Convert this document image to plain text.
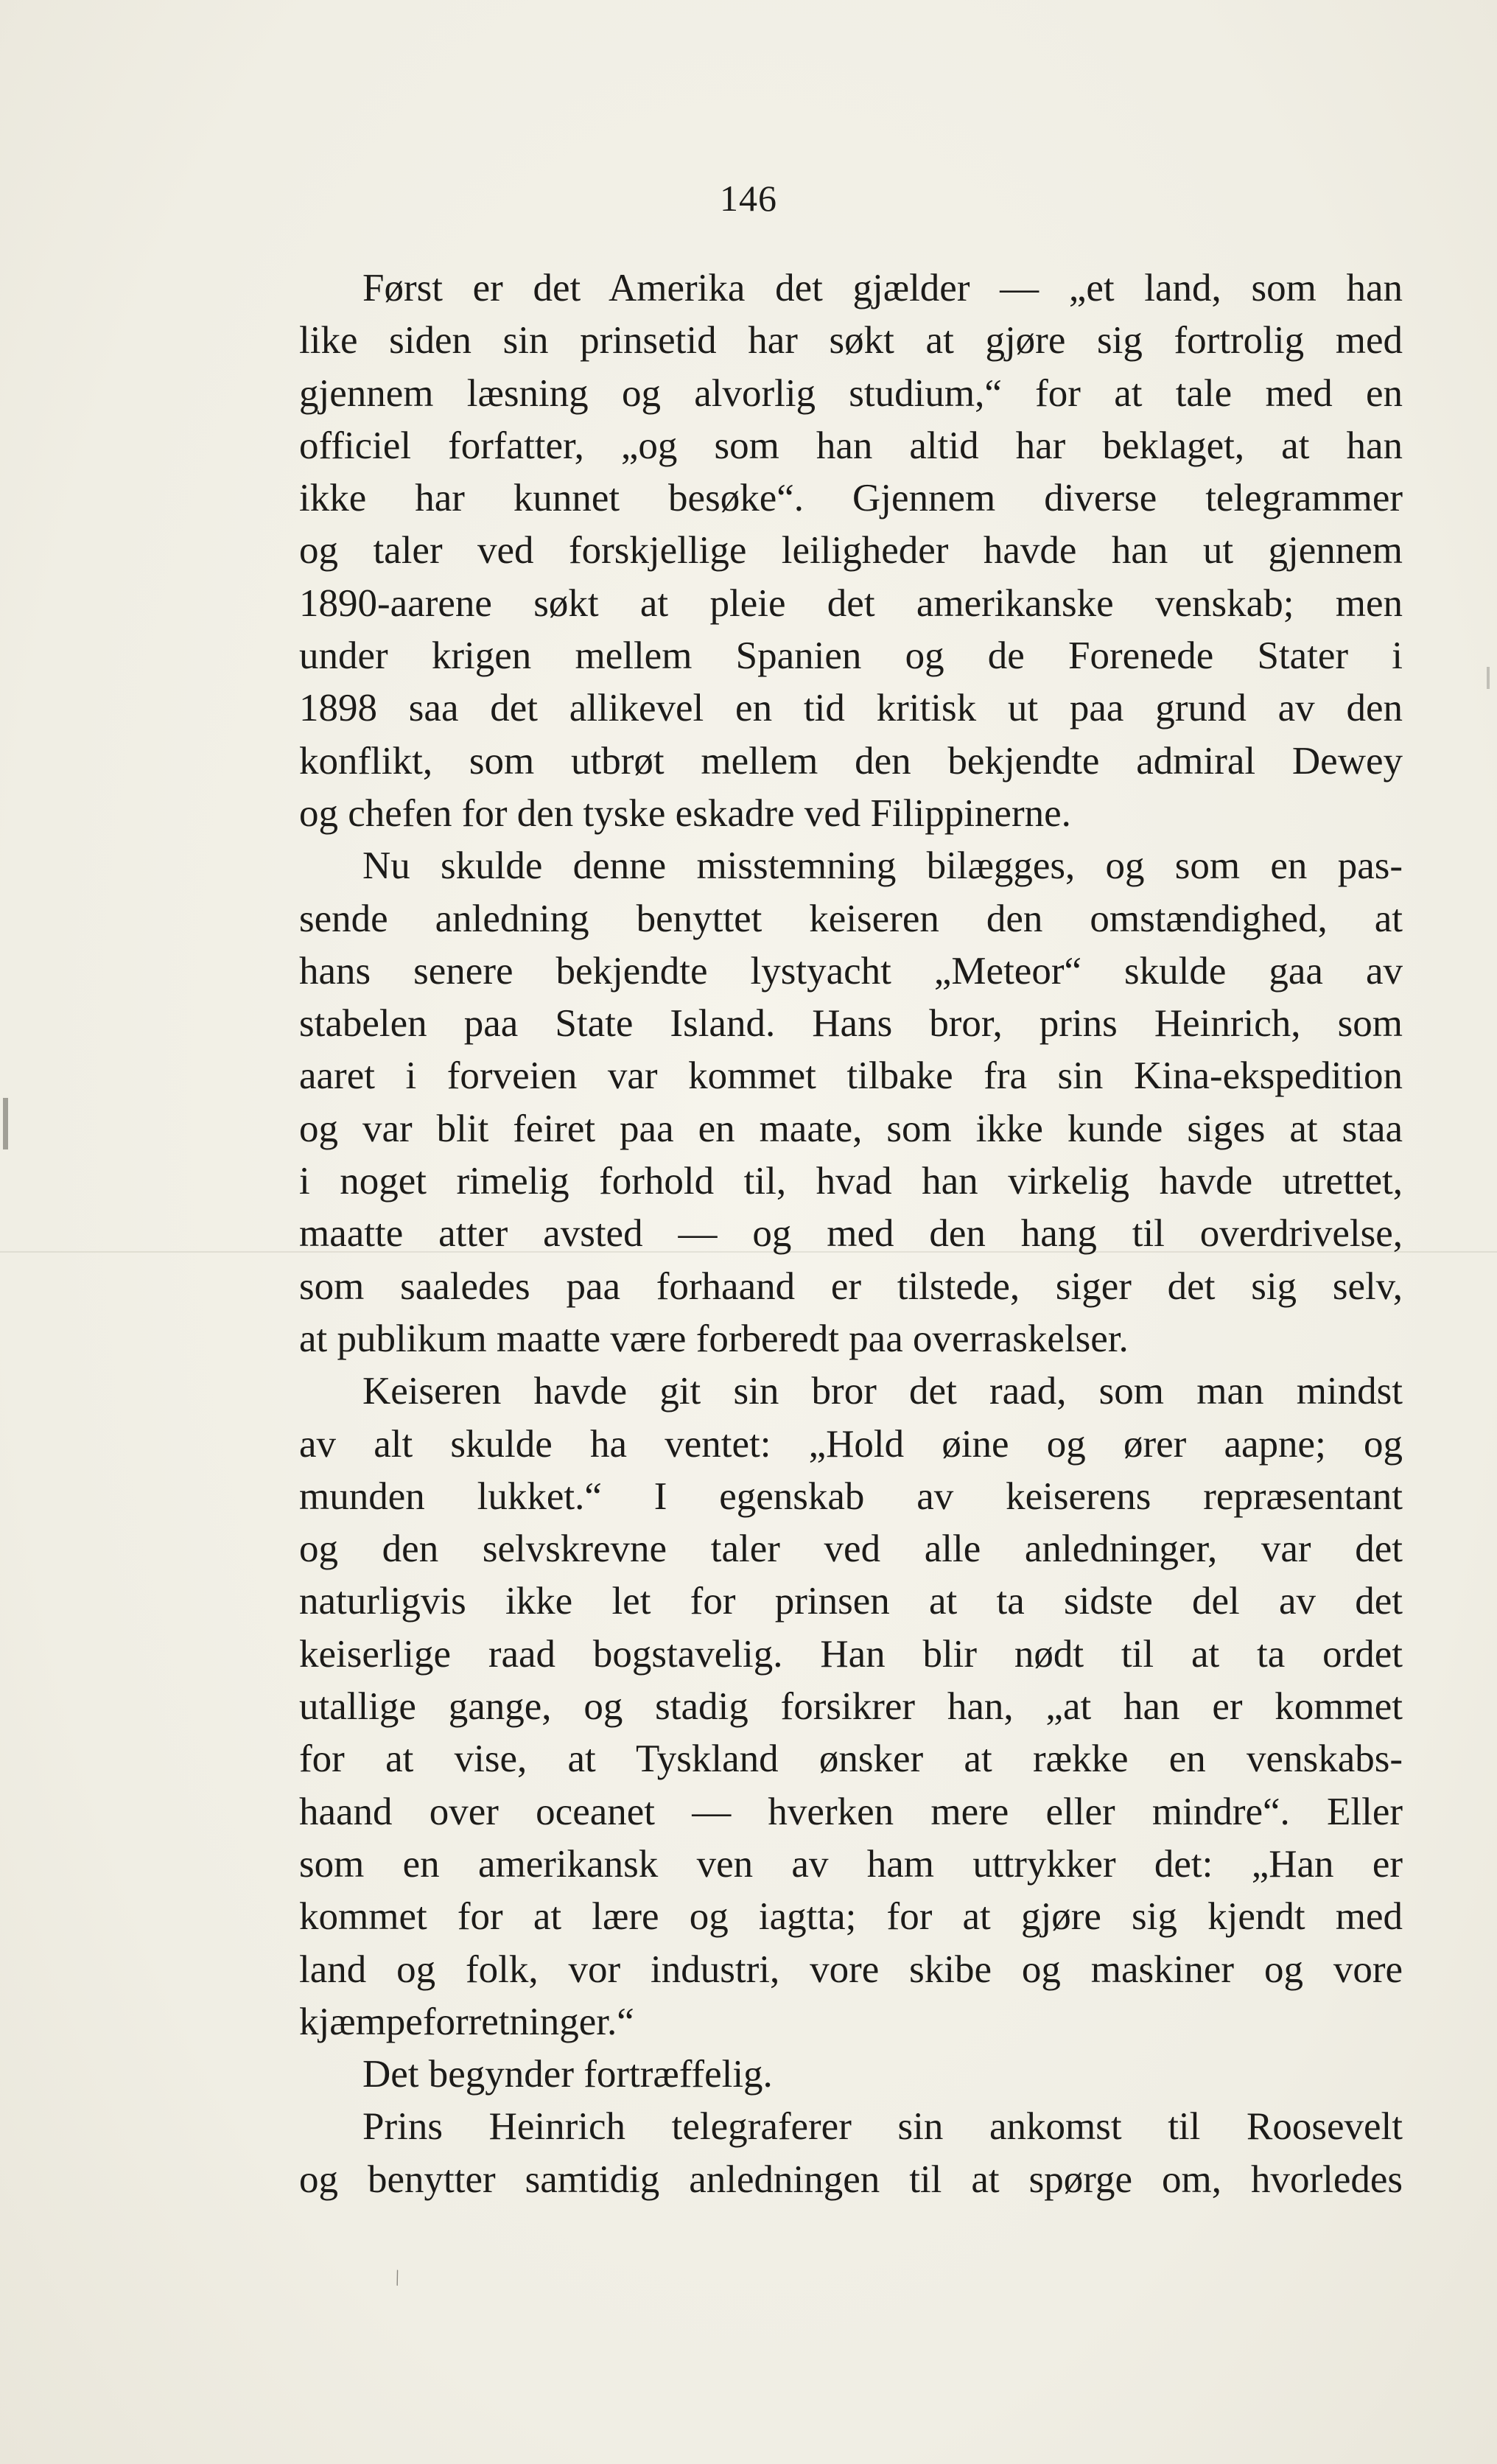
146
Først er det Amerika det gjælder — „et land, som han
like siden sin prinsetid har søkt at gjøre sig fortrolig med
gjennem læsning og alvorlig studium,“ for at tale med en
officiel forfatter, „og som han altid har beklaget, at han
ikke har kunnet besøke“. Gjennem diverse telegrammer
og taler ved forskjellige leiligheder havde han ut gjennem
1890-aarene søkt at pleie det amerikanske venskab; men
under krigen mellem Spanien og de Forenede Stater i
1898 saa det allikevel en tid kritisk ut paa grund av den
konflikt, som utbrøt mellem den bekjendte admiral Dewey
og chefen for den tyske eskadre ved Filippinerne.
Nu skulde denne misstemning bilægges, og som en pas-
sende anledning benyttet keiseren den omstændighed, at
hans senere bekjendte lystyacht „Meteor“ skulde gaa av
stabelen paa State Island. Hans bror, prins Heinrich, som
aaret i forveien var kommet tilbake fra sin Kina-ekspedition
og var blit feiret paa en maate, som ikke kunde siges at staa
i noget rimelig forhold til, hvad han virkelig havde utrettet,
maatte atter avsted — og med den hang til overdrivelse,
som saaledes paa forhaand er tilstede, siger det sig selv,
at publikum maatte være forberedt paa overraskelser.
Keiseren havde git sin bror det raad, som man mindst
av alt skulde ha ventet: „Hold øine og ører aapne; og
munden lukket.“ I egenskab av keiserens repræsentant
og den selvskrevne taler ved alle anledninger, var det
naturligvis ikke let for prinsen at ta sidste del av det
keiserlige raad bogstavelig. Han blir nødt til at ta ordet
utallige gange, og stadig forsikrer han, „at han er kommet
for at vise, at Tyskland ønsker at række en venskabs-
haand over oceanet — hverken mere eller mindre“. Eller
som en amerikansk ven av ham uttrykker det: „Han er
kommet for at lære og iagtta; for at gjøre sig kjendt med
land og folk, vor industri, vore skibe og maskiner og vore
kjæmpeforretninger.“
Det begynder fortræffelig.
Prins Heinrich telegraferer sin ankomst til Roosevelt
og benytter samtidig anledningen til at spørge om, hvorledes
\
